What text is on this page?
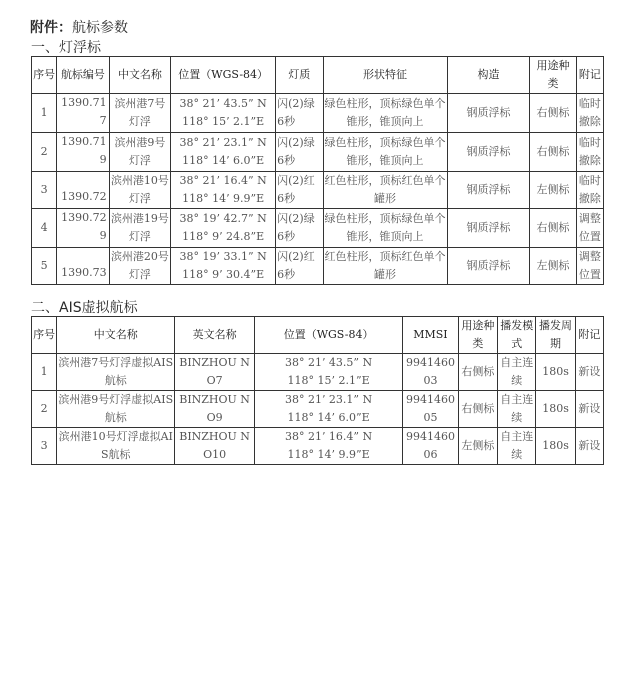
附件：航标参数
一、灯浮标
序号	航标编号	中文名称	位置（WGS-84）	灯质	形状特征	构造	用途种类	附记
1	1390.717	滨州港7号灯浮	38° 21’ 43.5” N
118° 15’ 2.1”E	闪(2)绿6秒	绿色柱形，顶标绿色单个锥形，锥顶向上	钢质浮标	右侧标	临时撤除
2	1390.719	滨州港9号灯浮	38° 21’ 23.1” N
118° 14’ 6.0”E	闪(2)绿6秒	绿色柱形，顶标绿色单个锥形，锥顶向上	钢质浮标	右侧标	临时撤除
3	1390.72	滨州港10号灯浮	38° 21’ 16.4” N
118° 14’ 9.9”E	闪(2)红6秒	红色柱形，顶标红色单个罐形	钢质浮标	左侧标	临时撤除
4	1390.729	滨州港19号灯浮	38° 19’ 42.7” N
118° 9’ 24.8”E	闪(2)绿6秒	绿色柱形，顶标绿色单个锥形，锥顶向上	钢质浮标	右侧标	调整位置
5	1390.73	滨州港20号灯浮	38° 19’ 33.1” N
118° 9’ 30.4”E	闪(2)红6秒	红色柱形，顶标红色单个罐形	钢质浮标	左侧标	调整位置
二、AIS虚拟航标
序号	中文名称	英文名称	位置（WGS-84）	MMSI	用途种类	播发模式	播发周期	附记
1	滨州港7号灯浮虚拟AIS航标	BINZHOU NO7	38° 21’ 43.5” N
118° 15’ 2.1”E	994146003	右侧标	自主连续	180s	新设
2	滨州港9号灯浮虚拟AIS航标	BINZHOU NO9	38° 21’ 23.1” N
118° 14’ 6.0”E	994146005	右侧标	自主连续	180s	新设
3	滨州港10号灯浮虚拟AIS航标	BINZHOU NO10	38° 21’ 16.4” N
118° 14’ 9.9”E	994146006	左侧标	自主连续	180s	新设
